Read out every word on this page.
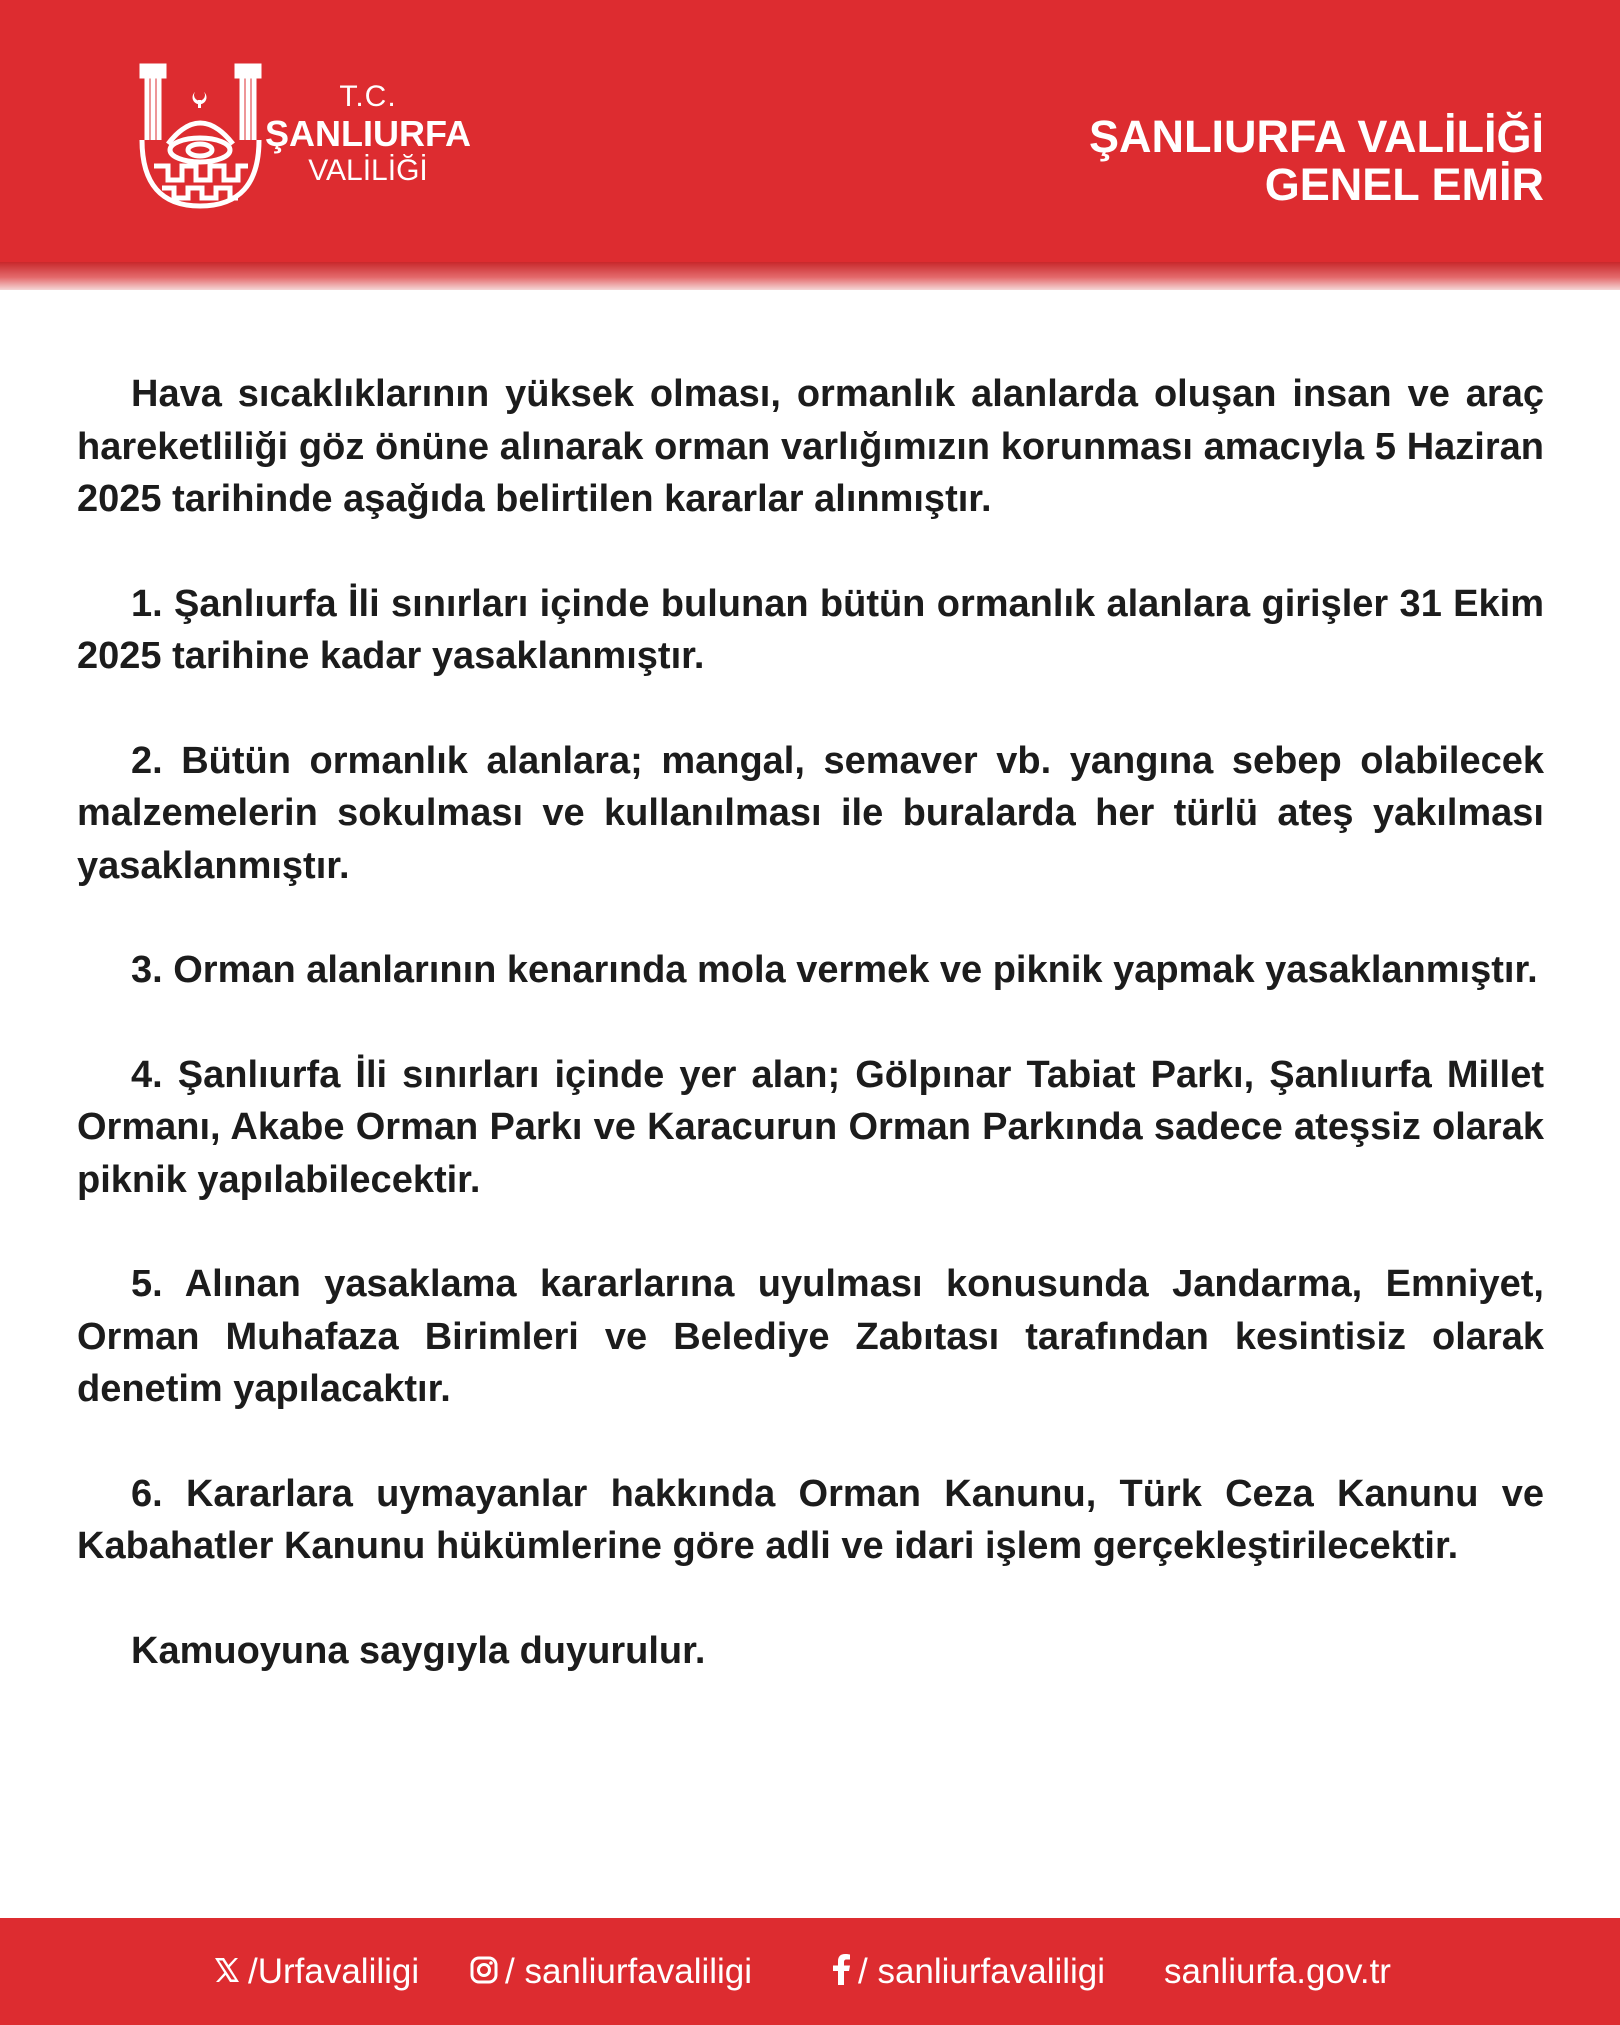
T.C.
ŞANLIURFA
VALİLİĞİ
ŞANLIURFA VALİLİĞİ
GENEL EMİR

Hava sıcaklıklarının yüksek olması, ormanlık alanlarda oluşan insan ve araç hareketliliği göz önüne alınarak orman varlığımızın korunması amacıyla 5 Haziran 2025 tarihinde aşağıda belirtilen kararlar alınmıştır.

1. Şanlıurfa İli sınırları içinde bulunan bütün ormanlık alanlara girişler 31 Ekim 2025 tarihine kadar yasaklanmıştır.

2. Bütün ormanlık alanlara; mangal, semaver vb. yangına sebep olabilecek malzemelerin sokulması ve kullanılması ile buralarda her türlü ateş yakılması yasaklanmıştır.

3. Orman alanlarının kenarında mola vermek ve piknik yapmak yasaklanmıştır.

4. Şanlıurfa İli sınırları içinde yer alan; Gölpınar Tabiat Parkı, Şanlıurfa Millet Ormanı, Akabe Orman Parkı ve Karacurun Orman Parkında sadece ateşsiz olarak piknik yapılabilecektir.

5. Alınan yasaklama kararlarına uyulması konusunda Jandarma, Emniyet, Orman Muhafaza Birimleri ve Belediye Zabıtası tarafından kesintisiz olarak denetim yapılacaktır.

6. Kararlara uymayanlar hakkında Orman Kanunu, Türk Ceza Kanunu ve Kabahatler Kanunu hükümlerine göre adli ve idari işlem gerçekleştirilecektir.

Kamuoyuna saygıyla duyurulur.

/Urfavaliligi	/ sanliurfavaliligi	/ sanliurfavaliligi sanliurfa.gov.tr
